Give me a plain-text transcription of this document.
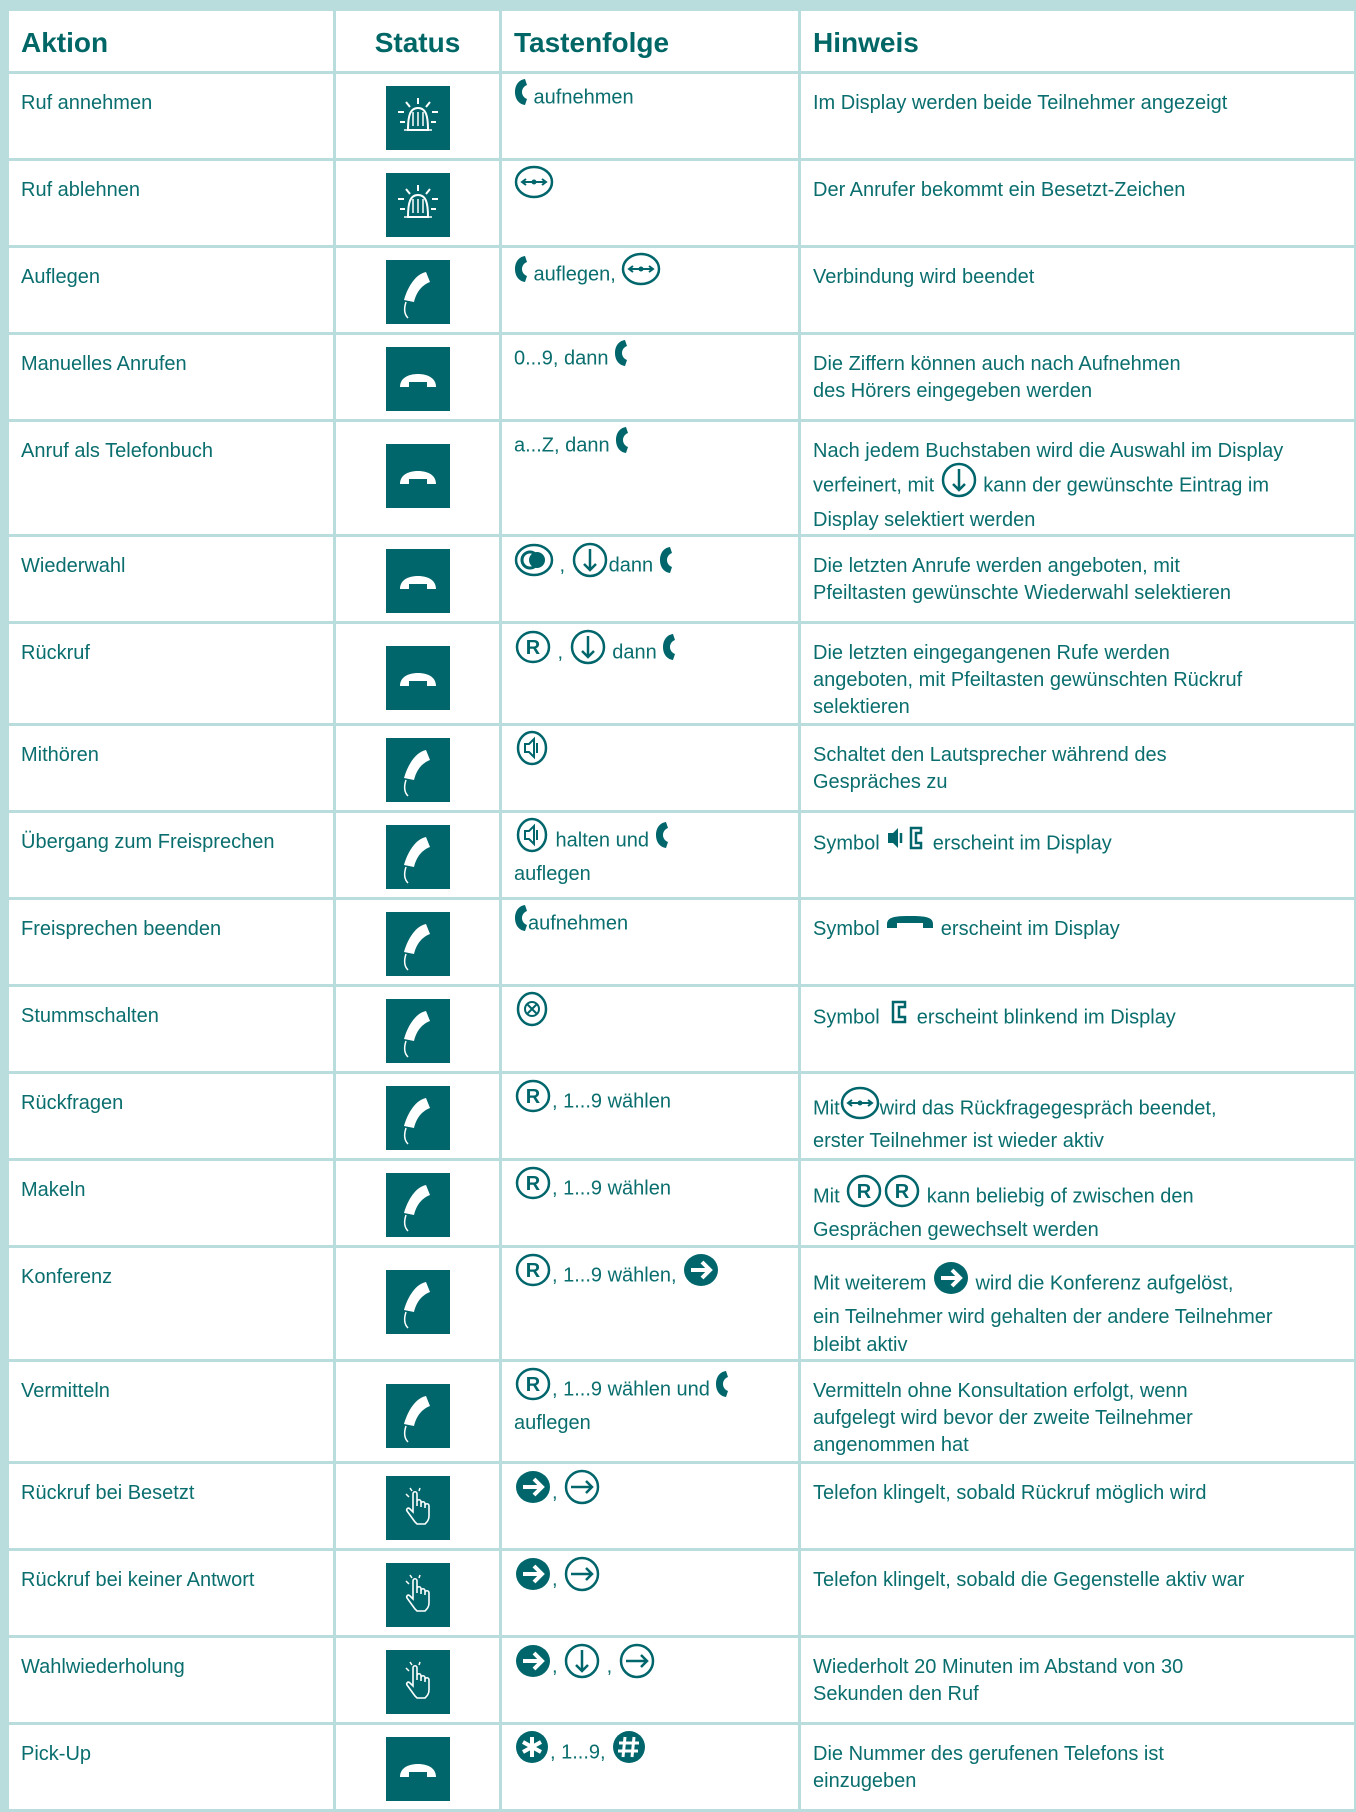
Aktion	Status	Tastenfolge	Hinweis
Ruf annehmen		aufnehmen	Im Display werden beide Teilnehmer angezeigt

Ruf ablehnen			Der Anrufer bekommt ein Besetzt-Zeichen

Auflegen		auflegen,	Verbindung wird beendet

Manuelles Anrufen		0...9, dann	Die Ziffern können auch nach Aufnehmen
des Hörers eingegeben werden

Anruf als Telefonbuch		a...Z, dann	Nach jedem Buchstaben wird die Auswahl im Display
verfeinert, mit  kann der gewünschte Eintrag im
Display selektiert werden

Wiederwahl		, dann	Die letzten Anrufe werden angeboten, mit
Pfeiltasten gewünschte Wiederwahl selektieren

Rückruf		R ,  dann	Die letzten eingegangenen Rufe werden
angeboten, mit Pfeiltasten gewünschten Rückruf
selektieren

Mithören			Schaltet den Lautsprecher während des
Gespräches zu

Übergang zum Freisprechen		halten und
auflegen	Symbol  erscheint im Display

Freisprechen beenden		aufnehmen	Symbol erscheint im Display

Stummschalten			Symbol  erscheint blinkend im Display

Rückfragen		R , 1...9 wählen	Mit wird das Rückfragegespräch beendet,
erster Teilnehmer ist wieder aktiv

Makeln		R , 1...9 wählen	Mit R R kann beliebig of zwischen den
Gesprächen gewechselt werden

Konferenz		R , 1...9 wählen,	Mit weiterem  wird die Konferenz aufgelöst,
ein Teilnehmer wird gehalten der andere Teilnehmer
bleibt aktiv

Vermitteln		R , 1...9 wählen und
auflegen	Vermitteln ohne Konsultation erfolgt, wenn
aufgelegt wird bevor der zweite Teilnehmer
angenommen hat

Rückruf bei Besetzt		,	Telefon klingelt, sobald Rückruf möglich wird

Rückruf bei keiner Antwort		,	Telefon klingelt, sobald die Gegenstelle aktiv war

Wahlwiederholung		,  ,	Wiederholt 20 Minuten im Abstand von 30
Sekunden den Ruf

Pick-Up		, 1...9,	Die Nummer des gerufenen Telefons ist
einzugeben
